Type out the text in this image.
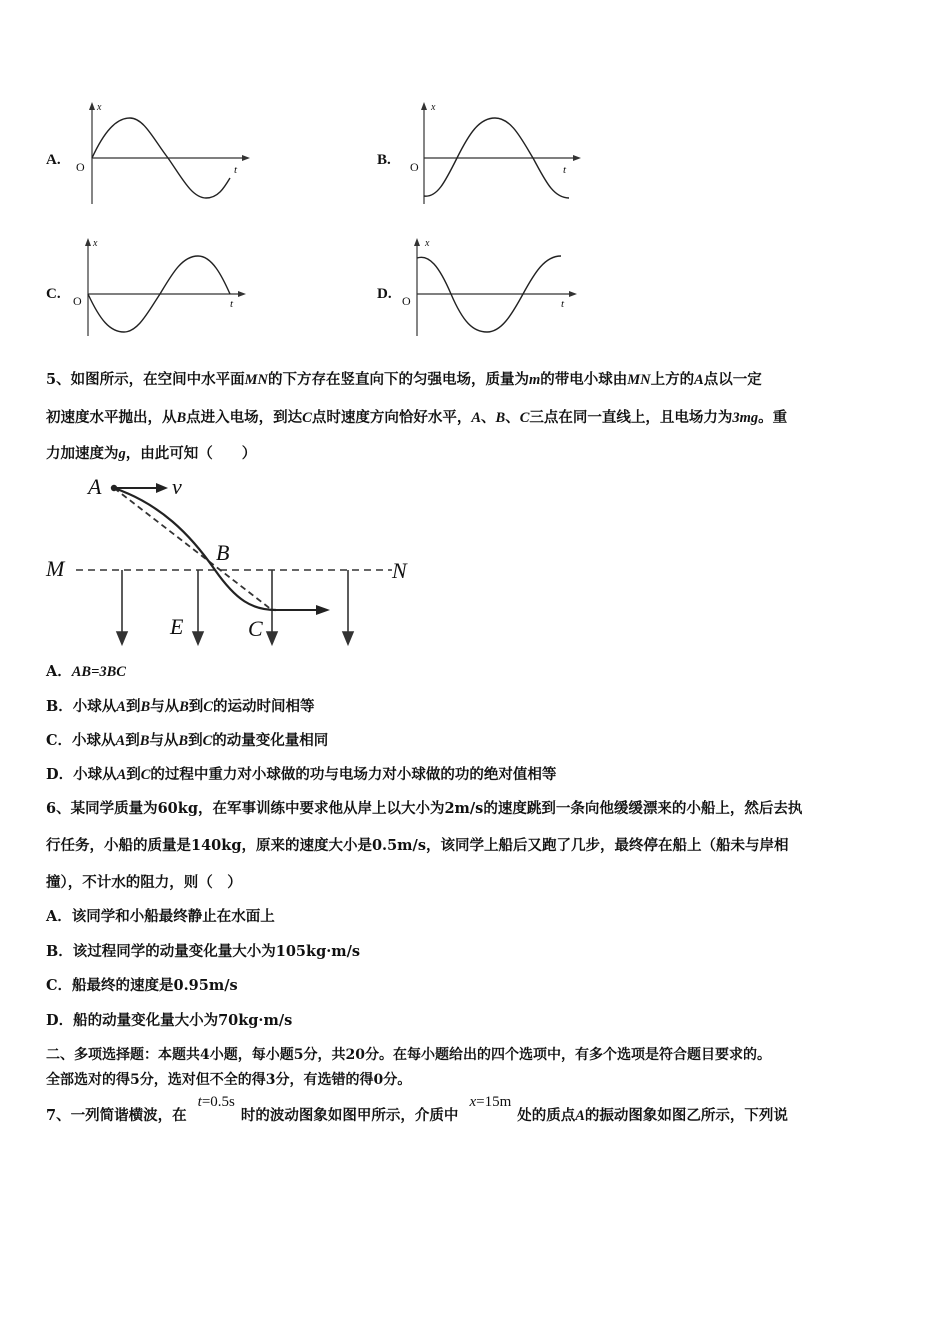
A.
x
O	t
B.
x
O	t
C.
x
O	t
D.
x
O	t
5、如图所示，在空间中水平面MN的下方存在竖直向下的匀强电场，质量为m的带电小球由MN上方的A点以一定
初速度水平抛出，从B点进入电场，到达C点时速度方向恰好水平，A、B、C三点在同一直线上，且电场力为3mg。重
力加速度为g，由此可知（　　）
A	v
B
M	N
E	C
A．AB=3BC
B．小球从A到B与从B到C的运动时间相等
C．小球从A到B与从B到C的动量变化量相同
D．小球从A到C的过程中重力对小球做的功与电场力对小球做的功的绝对值相等
6、某同学质量为60kg，在军事训练中要求他从岸上以大小为2m/s的速度跳到一条向他缓缓漂来的小船上，然后去执
行任务，小船的质量是140kg，原来的速度大小是0.5m/s，该同学上船后又跑了几步，最终停在船上（船未与岸相
撞），不计水的阻力，则（　）
A．该同学和小船最终静止在水面上
B．该过程同学的动量变化量大小为105kg·m/s
C．船最终的速度是0.95m/s
D．船的动量变化量大小为70kg·m/s
二、多项选择题：本题共4小题，每小题5分，共20分。在每小题给出的四个选项中，有多个选项是符合题目要求的。
全部选对的得5分，选对但不全的得3分，有选错的得0分。
7、一列简谐横波，在 t=0.5s时的波动图象如图甲所示，介质中 x=15m处的质点A的振动图象如图乙所示，下列说
